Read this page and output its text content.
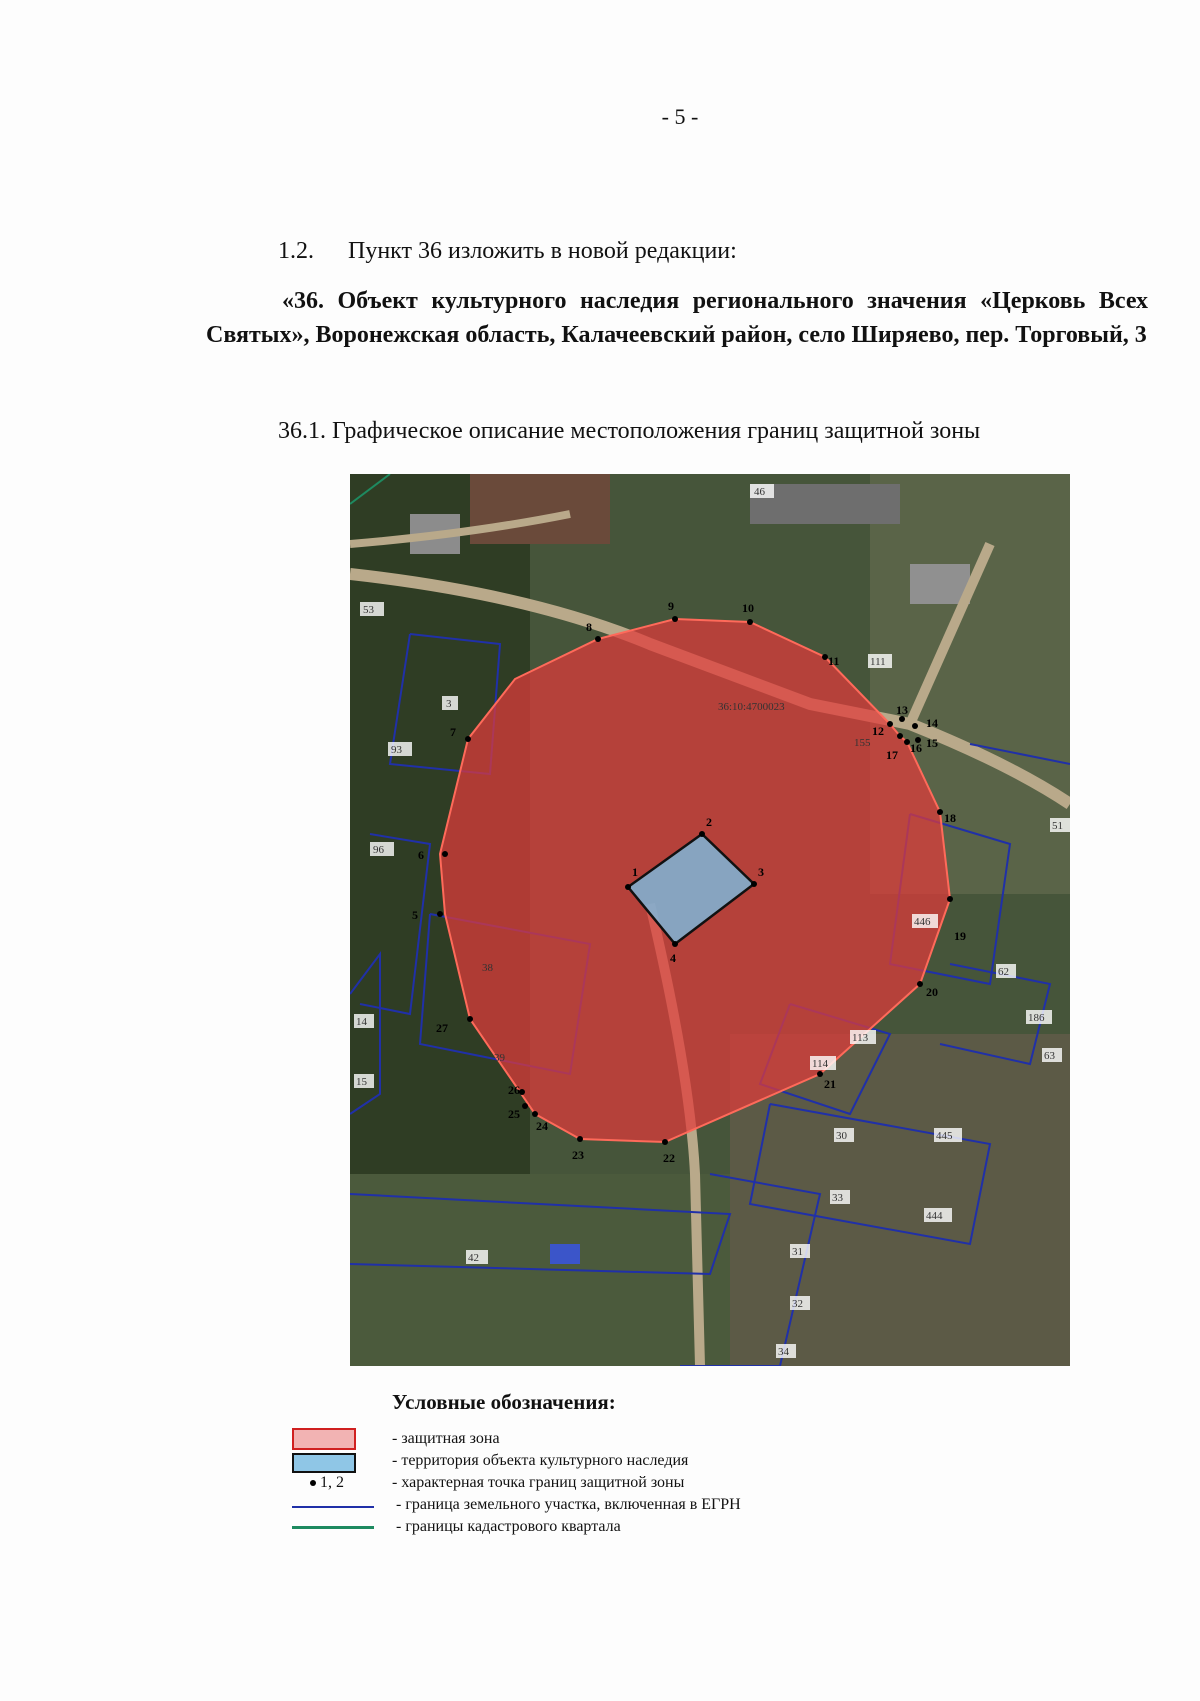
- 5 -
1.2. Пункт 36 изложить в новой редакции:
«36. Объект культурного наследия регионального значения «Церковь Всех Святых», Воронежская область, Калачеевский район, село Ширяево, пер. Торговый, 3
36.1. Графическое описание местоположения границ защитной зоны
46
53
3
93
96
14
15
38
39
42
111
155
51
446
62
186
63
113
114
30	445
33
444
31
32
34
36:10:4700023
1
2
3
4
5
6
7
8
9	10
11
12
13
14
15
16
17
18
19
20
21
22
23
24
25
26
27
Условные обозначения:
- защитная зона
- территория объекта культурного наследия
1, 2	- характерная точка границ защитной зоны
- граница земельного участка, включенная в ЕГРН
- границы кадастрового квартала
